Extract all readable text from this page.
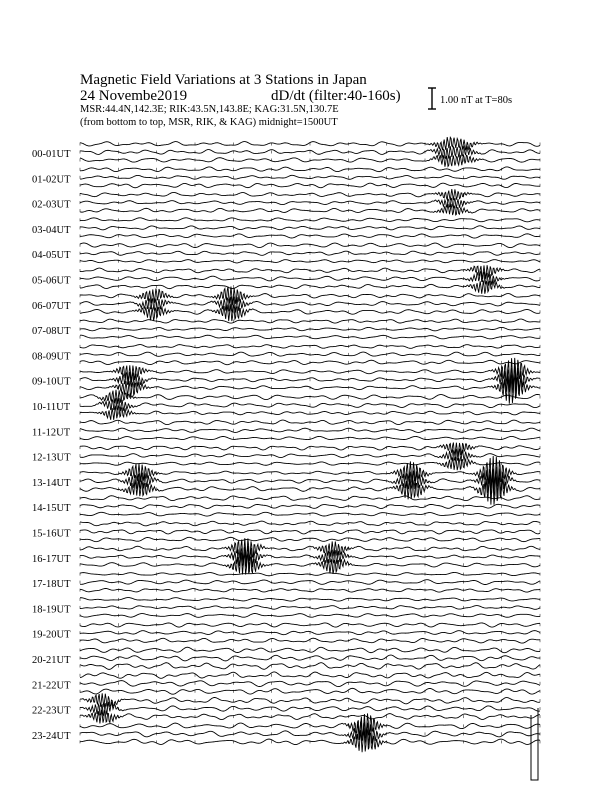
Magnetic Field Variations at 3 Stations in Japan
24 Novembe2019	dD/dt (filter:40-160s)
MSR:44.4N,142.3E; RIK:43.5N,143.8E; KAG:31.5N,130.7E
(from bottom to top, MSR, RIK, & KAG) midnight=1500UT
1.00 nT at T=80s
00-01UT
01-02UT
02-03UT
03-04UT
04-05UT
05-06UT
06-07UT
07-08UT
08-09UT
09-10UT
10-11UT
11-12UT
12-13UT
13-14UT
14-15UT
15-16UT
16-17UT
17-18UT
18-19UT
19-20UT
20-21UT
21-22UT
22-23UT
23-24UT
